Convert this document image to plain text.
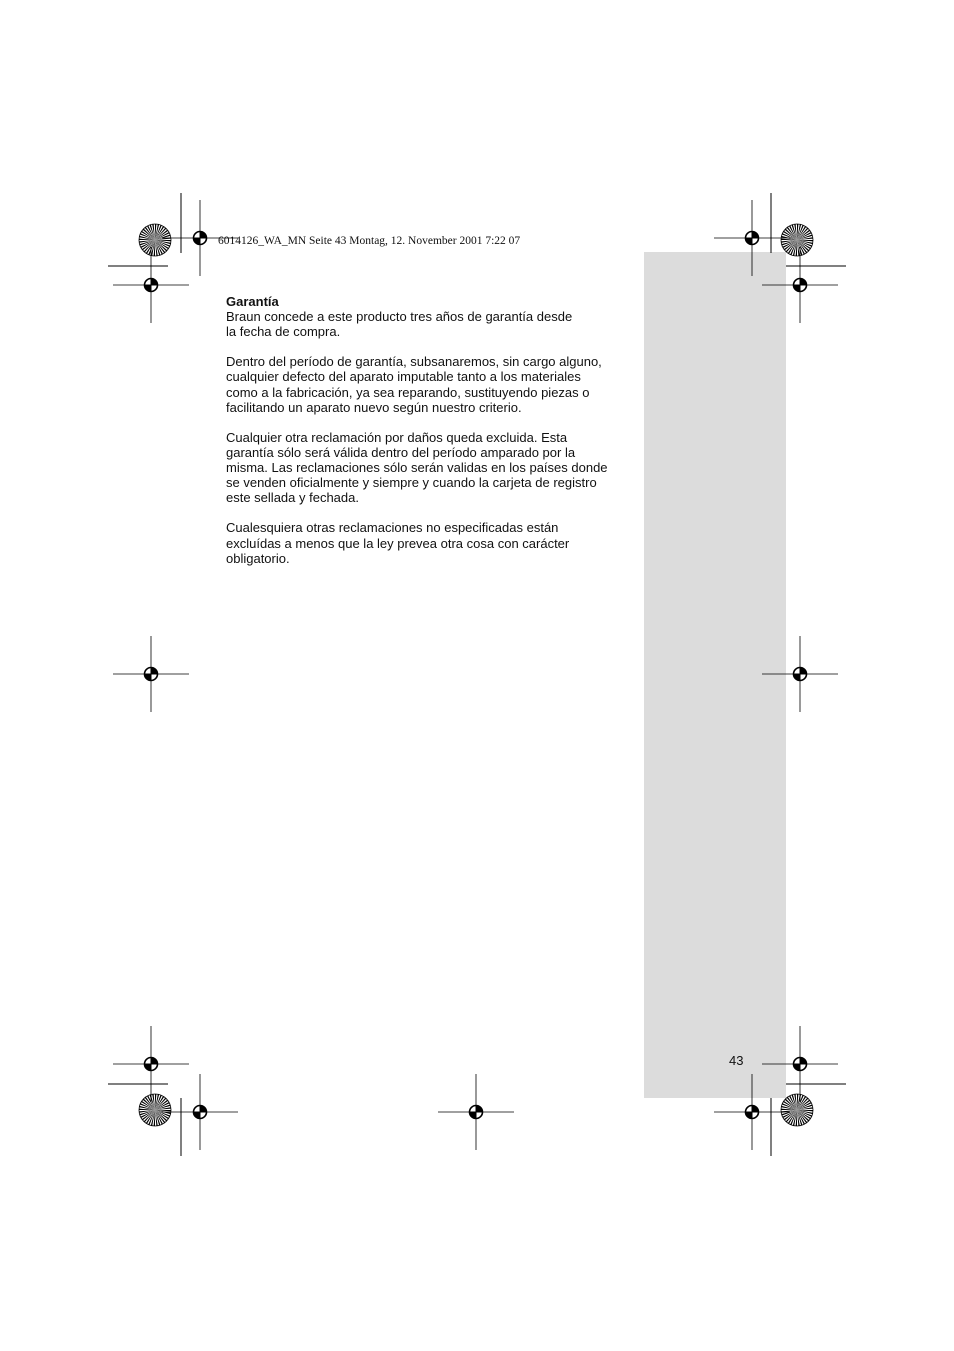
6014126_WA_MN Seite 43 Montag, 12. November 2001 7:22 07
Garantía

Braun concede a este producto tres años de garantía desde
la fecha de compra.

Dentro del período de garantía, subsanaremos, sin cargo alguno,
cualquier defecto del aparato imputable tanto a los materiales
como a la fabricación, ya sea reparando, sustituyendo piezas o
facilitando un aparato nuevo según nuestro criterio.

Cualquier otra reclamación por daños queda excluida. Esta
garantía sólo será válida dentro del período amparado por la
misma. Las reclamaciones sólo serán validas en los países donde
se venden oficialmente y siempre y cuando la carjeta de registro
este sellada y fechada.

Cualesquiera otras reclamaciones no especificadas están
excluídas a menos que la ley prevea otra cosa con carácter
obligatorio.

43
